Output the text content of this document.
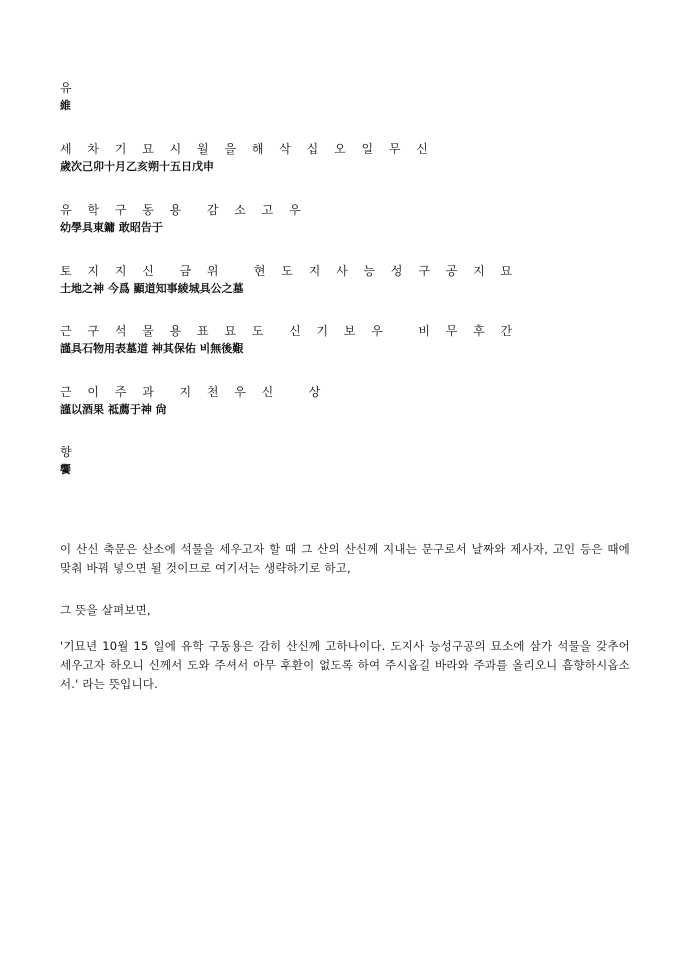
유

維

세 차 기 묘 시 월 을 해 삭 십 오 일 무 신

歲次己卯十月乙亥朔十五日戊申

유 학 구 동 용  감 소 고 우

幼學具東鏞 敢昭告于

토 지 지 신  금 위   현 도 지 사 능 성 구 공 지 묘

土地之神 今爲 顯道知事綾城具公之墓

근 구 석 물 용 표 묘 도  신 기 보 우   비 무 후 간

謹具石物用表墓道 神其保佑 비無後艱

근 이 주 과  지 천 우 신   상

謹以酒果 祗薦于神 尙

향

饗

이 산신 축문은 산소에 석물을 세우고자 할 때 그 산의 산신께 지내는 문구로서 날짜와 제사자, 고인 등은 때에 맞춰 바꿔 넣으면 될 것이므로 여기서는 생략하기로 하고,

그 뜻을 살펴보면,

'기묘년 10월 15 일에 유학 구동용은 감히 산신께 고하나이다. 도지사 능성구공의 묘소에 삼가 석물을 갖추어 세우고자 하오니 신께서 도와 주셔서 아무 후환이 없도록 하여 주시옵길 바라와 주과를 올리오니 흠향하시옵소서.' 라는 뜻입니다.
